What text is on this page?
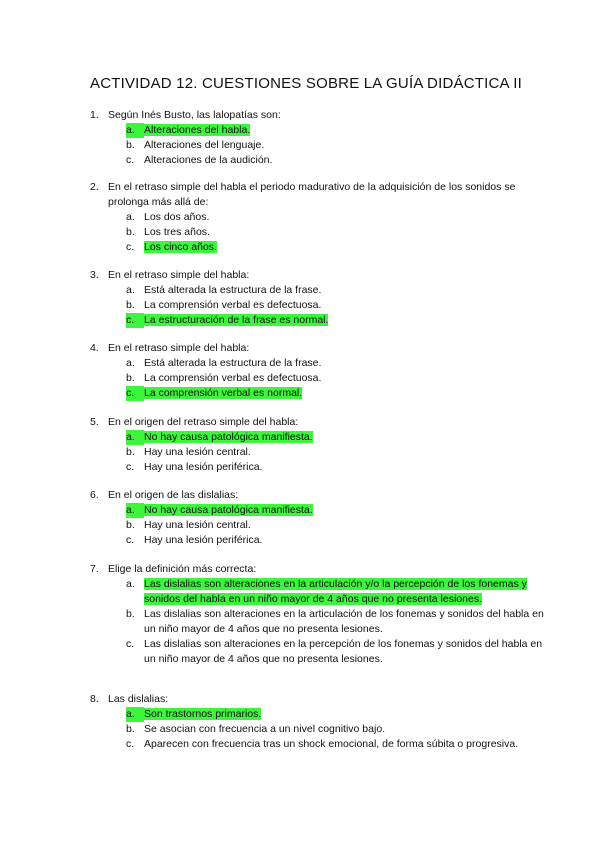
ACTIVIDAD 12. CUESTIONES SOBRE LA GUÍA DIDÁCTICA II
1. Según Inés Busto, las lalopatías son:
a. Alteraciones del habla.
b. Alteraciones del lenguaje.
c. Alteraciones de la audición.
2. En el retraso simple del habla el periodo madurativo de la adquisición de los sonidos se prolonga más allá de:
a. Los dos años.
b. Los tres años.
c. Los cinco años.
3. En el retraso simple del habla:
a. Está alterada la estructura de la frase.
b. La comprensión verbal es defectuosa.
c. La estructuración de la frase es normal.
4. En el retraso simple del habla:
a. Está alterada la estructura de la frase.
b. La comprensión verbal es defectuosa.
c. La comprensión verbal es normal.
5. En el origen del retraso simple del habla:
a. No hay causa patológica manifiesta.
b. Hay una lesión central.
c. Hay una lesión periférica.
6. En el origen de las dislalias:
a. No hay causa patológica manifiesta.
b. Hay una lesión central.
c. Hay una lesión periférica.
7. Elige la definición más correcta:
a. Las dislalias son alteraciones en la articulación y/o la percepción de los fonemas y sonidos del habla en un niño mayor de 4 años que no presenta lesiones.
b. Las dislalias son alteraciones en la articulación de los fonemas y sonidos del habla en un niño mayor de 4 años que no presenta lesiones.
c. Las dislalias son alteraciones en la percepción de los fonemas y sonidos del habla en un niño mayor de 4 años que no presenta lesiones.
8. Las dislalias:
a. Son trastornos primarios.
b. Se asocian con frecuencia a un nivel cognitivo bajo.
c. Aparecen con frecuencia tras un shock emocional, de forma súbita o progresiva.
